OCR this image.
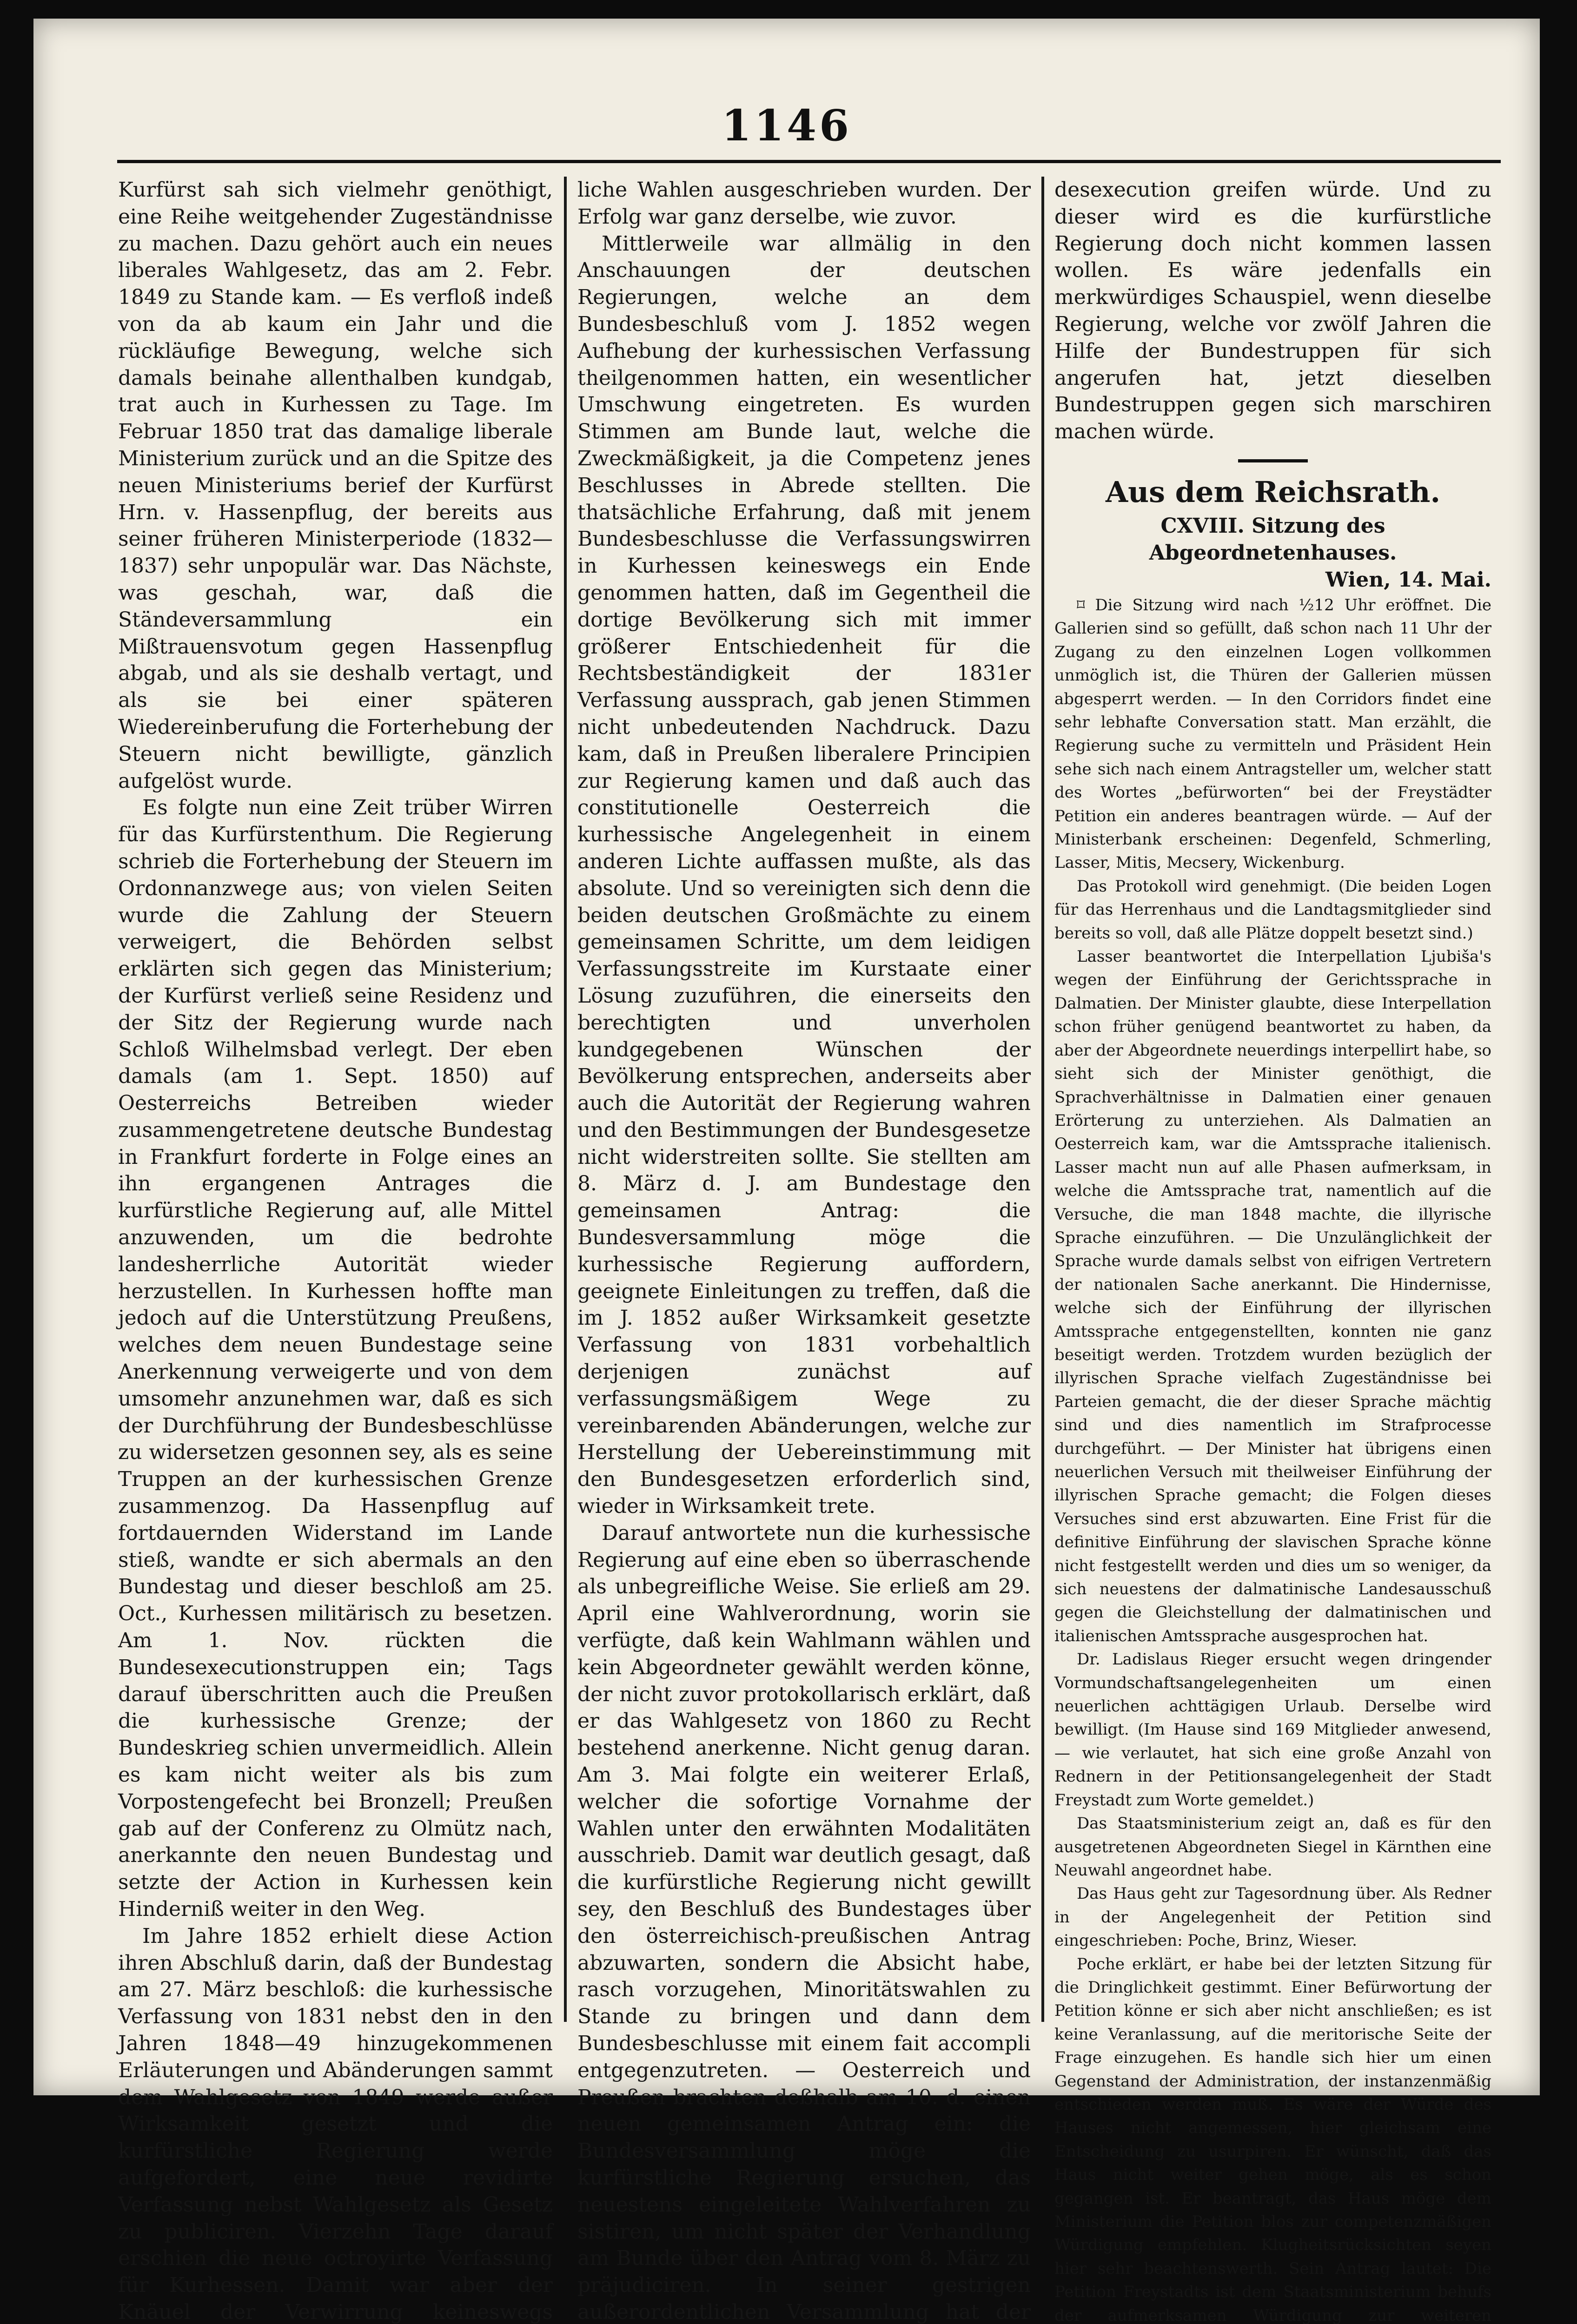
1146

Kurfürst sah sich vielmehr genöthigt, eine Reihe weitgehender Zugeständnisse zu machen. Dazu gehört auch ein neues liberales Wahlgesetz, das am 2. Febr. 1849 zu Stande kam. — Es verfloß indeß von da ab kaum ein Jahr und die rückläufige Bewegung, welche sich damals beinahe allenthalben kundgab, trat auch in Kurhessen zu Tage. Im Februar 1850 trat das damalige liberale Ministerium zurück und an die Spitze des neuen Ministeriums berief der Kurfürst Hrn. v. Hassenpflug, der bereits aus seiner früheren Ministerperiode (1832—1837) sehr unpopulär war. Das Nächste, was geschah, war, daß die Ständeversammlung ein Mißtrauensvotum gegen Hassenpflug abgab, und als sie deshalb vertagt, und als sie bei einer späteren Wiedereinberufung die Forterhebung der Steuern nicht bewilligte, gänzlich aufgelöst wurde.

Es folgte nun eine Zeit trüber Wirren für das Kurfürstenthum. Die Regierung schrieb die Forterhebung der Steuern im Ordonnanzwege aus; von vielen Seiten wurde die Zahlung der Steuern verweigert, die Behörden selbst erklärten sich gegen das Ministerium; der Kurfürst verließ seine Residenz und der Sitz der Regierung wurde nach Schloß Wilhelmsbad verlegt. Der eben damals (am 1. Sept. 1850) auf Oesterreichs Betreiben wieder zusammengetretene deutsche Bundestag in Frankfurt forderte in Folge eines an ihn ergangenen Antrages die kurfürstliche Regierung auf, alle Mittel anzuwenden, um die bedrohte landesherrliche Autorität wieder herzustellen. In Kurhessen hoffte man jedoch auf die Unterstützung Preußens, welches dem neuen Bundestage seine Anerkennung verweigerte und von dem umsomehr anzunehmen war, daß es sich der Durchführung der Bundesbeschlüsse zu widersetzen gesonnen sey, als es seine Truppen an der kurhessischen Grenze zusammenzog. Da Hassenpflug auf fortdauernden Widerstand im Lande stieß, wandte er sich abermals an den Bundestag und dieser beschloß am 25. Oct., Kurhessen militärisch zu besetzen. Am 1. Nov. rückten die Bundesexecutionstruppen ein; Tags darauf überschritten auch die Preußen die kurhessische Grenze; der Bundeskrieg schien unvermeidlich. Allein es kam nicht weiter als bis zum Vorpostengefecht bei Bronzell; Preußen gab auf der Conferenz zu Olmütz nach, anerkannte den neuen Bundestag und setzte der Action in Kurhessen kein Hinderniß weiter in den Weg.

Im Jahre 1852 erhielt diese Action ihren Abschluß darin, daß der Bundestag am 27. März beschloß: die kurhessische Verfassung von 1831 nebst den in den Jahren 1848—49 hinzugekommenen Erläuterungen und Abänderungen sammt dem Wahlgesetz von 1849 werde außer Wirksamkeit gesetzt und die kurfürstliche Regierung werde aufgefordert, eine neue revidirte Verfassung nebst Wahlgesetz als Gesetz zu publiciren. Vierzehn Tage darauf erschien die neue octroyirte Verfassung für Kurhessen. Damit war aber der Knäuel der Verwirrung keineswegs

liche Wahlen ausgeschrieben wurden. Der Erfolg war ganz derselbe, wie zuvor.

Mittlerweile war allmälig in den Anschauungen der deutschen Regierungen, welche an dem Bundesbeschluß vom J. 1852 wegen Aufhebung der kurhessischen Verfassung theilgenommen hatten, ein wesentlicher Umschwung eingetreten. Es wurden Stimmen am Bunde laut, welche die Zweckmäßigkeit, ja die Competenz jenes Beschlusses in Abrede stellten. Die thatsächliche Erfahrung, daß mit jenem Bundesbeschlusse die Verfassungswirren in Kurhessen keineswegs ein Ende genommen hatten, daß im Gegentheil die dortige Bevölkerung sich mit immer größerer Entschiedenheit für die Rechtsbeständigkeit der 1831er Verfassung aussprach, gab jenen Stimmen nicht unbedeutenden Nachdruck. Dazu kam, daß in Preußen liberalere Principien zur Regierung kamen und daß auch das constitutionelle Oesterreich die kurhessische Angelegenheit in einem anderen Lichte auffassen mußte, als das absolute. Und so vereinigten sich denn die beiden deutschen Großmächte zu einem gemeinsamen Schritte, um dem leidigen Verfassungsstreite im Kurstaate einer Lösung zuzuführen, die einerseits den berechtigten und unverholen kundgegebenen Wünschen der Bevölkerung entsprechen, anderseits aber auch die Autorität der Regierung wahren und den Bestimmungen der Bundesgesetze nicht widerstreiten sollte. Sie stellten am 8. März d. J. am Bundestage den gemeinsamen Antrag: die Bundesversammlung möge die kurhessische Regierung auffordern, geeignete Einleitungen zu treffen, daß die im J. 1852 außer Wirksamkeit gesetzte Verfassung von 1831 vorbehaltlich derjenigen zunächst auf verfassungsmäßigem Wege zu vereinbarenden Abänderungen, welche zur Herstellung der Uebereinstimmung mit den Bundesgesetzen erforderlich sind, wieder in Wirksamkeit trete.

Darauf antwortete nun die kurhessische Regierung auf eine eben so überraschende als unbegreifliche Weise. Sie erließ am 29. April eine Wahlverordnung, worin sie verfügte, daß kein Wahlmann wählen und kein Abgeordneter gewählt werden könne, der nicht zuvor protokollarisch erklärt, daß er das Wahlgesetz von 1860 zu Recht bestehend anerkenne. Nicht genug daran. Am 3. Mai folgte ein weiterer Erlaß, welcher die sofortige Vornahme der Wahlen unter den erwähnten Modalitäten ausschrieb. Damit war deutlich gesagt, daß die kurfürstliche Regierung nicht gewillt sey, den Beschluß des Bundestages über den österreichisch-preußischen Antrag abzuwarten, sondern die Absicht habe, rasch vorzugehen, Minoritätswahlen zu Stande zu bringen und dann dem Bundesbeschlusse mit einem fait accompli entgegenzutreten. — Oesterreich und Preußen brachten deßhalb am 10. d. einen neuen gemeinsamen Antrag ein: die Bundesversammlung möge die kurfürstliche Regierung ersuchen, das neuestens eingeleitete Wahlverfahren zu sistiren, um nicht später der Verhandlung am Bunde über den Antrag vom 8. März zu präjudiciren. In seiner gestrigen außerordentlichen Versammlung hat der

desexecution greifen würde. Und zu dieser wird es die kurfürstliche Regierung doch nicht kommen lassen wollen. Es wäre jedenfalls ein merkwürdiges Schauspiel, wenn dieselbe Regierung, welche vor zwölf Jahren die Hilfe der Bundestruppen für sich angerufen hat, jetzt dieselben Bundestruppen gegen sich marschiren machen würde.

Aus dem Reichsrath.
CXVIII. Sitzung des Abgeordnetenhauses.
Wien, 14. Mai.

⌑ Die Sitzung wird nach ½12 Uhr eröffnet. Die Gallerien sind so gefüllt, daß schon nach 11 Uhr der Zugang zu den einzelnen Logen vollkommen unmöglich ist, die Thüren der Gallerien müssen abgesperrt werden. — In den Corridors findet eine sehr lebhafte Conversation statt. Man erzählt, die Regierung suche zu vermitteln und Präsident Hein sehe sich nach einem Antragsteller um, welcher statt des Wortes „befürworten“ bei der Freystädter Petition ein anderes beantragen würde. — Auf der Ministerbank erscheinen: Degenfeld, Schmerling, Lasser, Mitis, Mecsery, Wickenburg.

Das Protokoll wird genehmigt. (Die beiden Logen für das Herrenhaus und die Landtagsmitglieder sind bereits so voll, daß alle Plätze doppelt besetzt sind.)

Lasser beantwortet die Interpellation Ljubiša's wegen der Einführung der Gerichtssprache in Dalmatien. Der Minister glaubte, diese Interpellation schon früher genügend beantwortet zu haben, da aber der Abgeordnete neuerdings interpellirt habe, so sieht sich der Minister genöthigt, die Sprachverhältnisse in Dalmatien einer genauen Erörterung zu unterziehen. Als Dalmatien an Oesterreich kam, war die Amtssprache italienisch. Lasser macht nun auf alle Phasen aufmerksam, in welche die Amtssprache trat, namentlich auf die Versuche, die man 1848 machte, die illyrische Sprache einzuführen. — Die Unzulänglichkeit der Sprache wurde damals selbst von eifrigen Vertretern der nationalen Sache anerkannt. Die Hindernisse, welche sich der Einführung der illyrischen Amtssprache entgegenstellten, konnten nie ganz beseitigt werden. Trotzdem wurden bezüglich der illyrischen Sprache vielfach Zugeständnisse bei Parteien gemacht, die der dieser Sprache mächtig sind und dies namentlich im Strafprocesse durchgeführt. — Der Minister hat übrigens einen neuerlichen Versuch mit theilweiser Einführung der illyrischen Sprache gemacht; die Folgen dieses Versuches sind erst abzuwarten. Eine Frist für die definitive Einführung der slavischen Sprache könne nicht festgestellt werden und dies um so weniger, da sich neuestens der dalmatinische Landesausschuß gegen die Gleichstellung der dalmatinischen und italienischen Amtssprache ausgesprochen hat.

Dr. Ladislaus Rieger ersucht wegen dringender Vormundschaftsangelegenheiten um einen neuerlichen achttägigen Urlaub. Derselbe wird bewilligt. (Im Hause sind 169 Mitglieder anwesend, — wie verlautet, hat sich eine große Anzahl von Rednern in der Petitionsangelegenheit der Stadt Freystadt zum Worte gemeldet.)

Das Staatsministerium zeigt an, daß es für den ausgetretenen Abgeordneten Siegel in Kärnthen eine Neuwahl angeordnet habe.

Das Haus geht zur Tagesordnung über. Als Redner in der Angelegenheit der Petition sind eingeschrieben: Poche, Brinz, Wieser.

Poche erklärt, er habe bei der letzten Sitzung für die Dringlichkeit gestimmt. Einer Befürwortung der Petition könne er sich aber nicht anschließen; es ist keine Veranlassung, auf die meritorische Seite der Frage einzugehen. Es handle sich hier um einen Gegenstand der Administration, der instanzenmäßig entschieden werden muß. Es wäre der Würde des Hauses nicht angemessen, hier gleichsam eine Entscheidung zu usurpiren. Er wünscht, daß das Haus nicht weiter gehen möge, als es schon gegangen ist. Er beantragt, das Haus möge dem Ministerium die Petition blos zur competenzmäßigen Würdigung empfehlen. Klugheitsrücksichten seyen hier sehr beachtenswerth. Sein Antrag lautet: Die Petition Freystadts ist dem Staatsministerium behufs der aufmerksamen Würdigung zur weiteren
